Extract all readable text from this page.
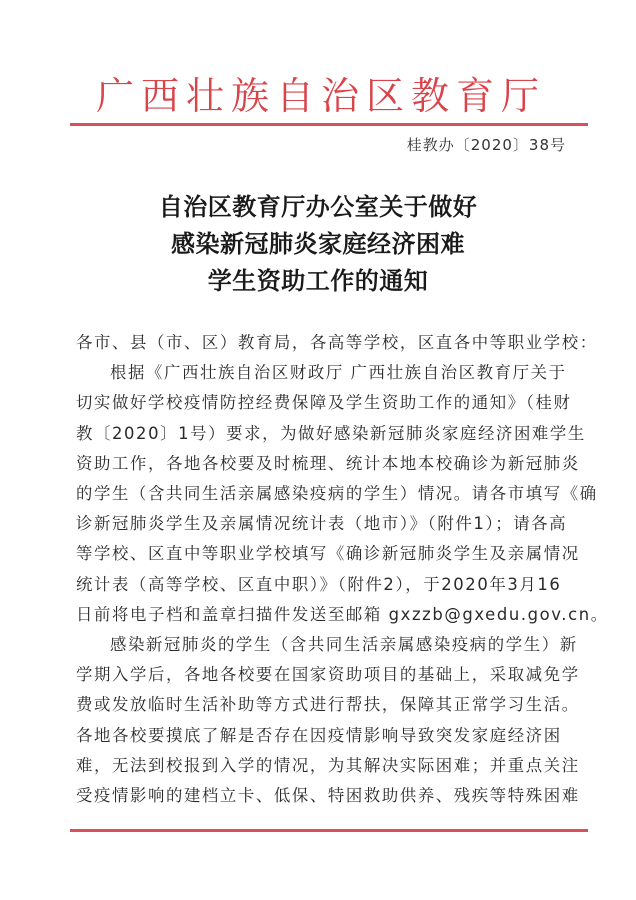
广西壮族自治区教育厅
桂教办〔2020〕38号
自治区教育厅办公室关于做好
感染新冠肺炎家庭经济困难
学生资助工作的通知
各市、县（市、区）教育局，各高等学校，区直各中等职业学校：
根据《广西壮族自治区财政厅 广西壮族自治区教育厅关于
切实做好学校疫情防控经费保障及学生资助工作的通知》（桂财
教〔2020〕1号）要求，为做好感染新冠肺炎家庭经济困难学生
资助工作，各地各校要及时梳理、统计本地本校确诊为新冠肺炎
的学生（含共同生活亲属感染疫病的学生）情况。请各市填写《确
诊新冠肺炎学生及亲属情况统计表（地市）》（附件1）；请各高
等学校、区直中等职业学校填写《确诊新冠肺炎学生及亲属情况
统计表（高等学校、区直中职）》（附件2），于2020年3月16
日前将电子档和盖章扫描件发送至邮箱 gxzzb@gxedu.gov.cn。
感染新冠肺炎的学生（含共同生活亲属感染疫病的学生）新
学期入学后，各地各校要在国家资助项目的基础上，采取减免学
费或发放临时生活补助等方式进行帮扶，保障其正常学习生活。
各地各校要摸底了解是否存在因疫情影响导致突发家庭经济困
难，无法到校报到入学的情况，为其解决实际困难；并重点关注
受疫情影响的建档立卡、低保、特困救助供养、残疾等特殊困难
